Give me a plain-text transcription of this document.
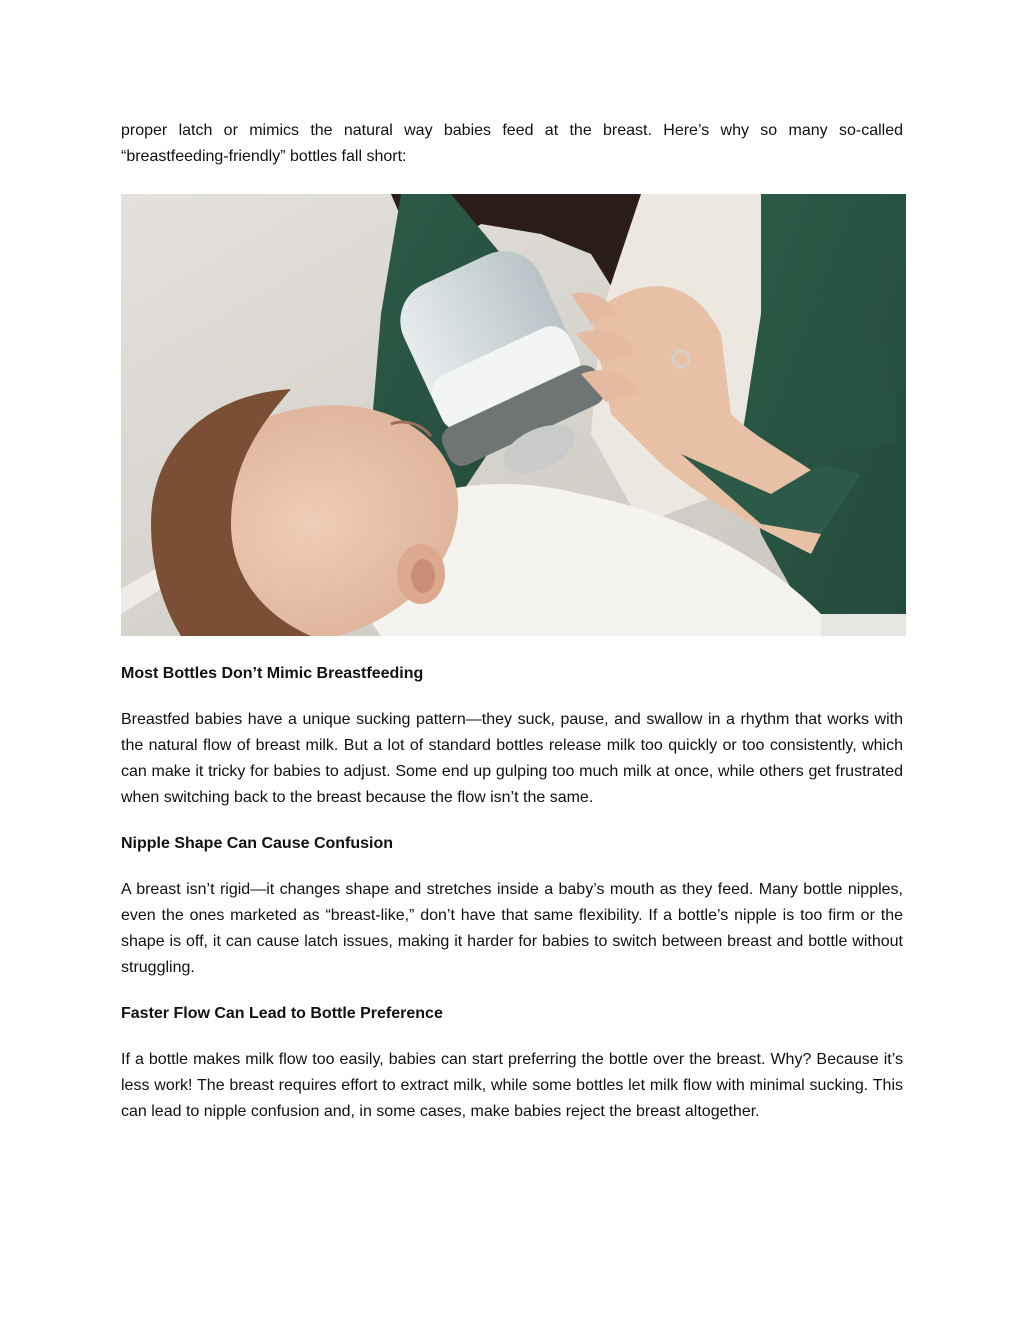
proper latch or mimics the natural way babies feed at the breast. Here’s why so many so-called “breastfeeding-friendly” bottles fall short:

Most Bottles Don’t Mimic Breastfeeding

Breastfed babies have a unique sucking pattern—they suck, pause, and swallow in a rhythm that works with the natural flow of breast milk. But a lot of standard bottles release milk too quickly or too consistently, which can make it tricky for babies to adjust. Some end up gulping too much milk at once, while others get frustrated when switching back to the breast because the flow isn’t the same.

Nipple Shape Can Cause Confusion

A breast isn’t rigid—it changes shape and stretches inside a baby’s mouth as they feed. Many bottle nipples, even the ones marketed as “breast-like,” don’t have that same flexibility. If a bottle’s nipple is too firm or the shape is off, it can cause latch issues, making it harder for babies to switch between breast and bottle without struggling.

Faster Flow Can Lead to Bottle Preference

If a bottle makes milk flow too easily, babies can start preferring the bottle over the breast. Why? Because it’s less work! The breast requires effort to extract milk, while some bottles let milk flow with minimal sucking. This can lead to nipple confusion and, in some cases, make babies reject the breast altogether.
